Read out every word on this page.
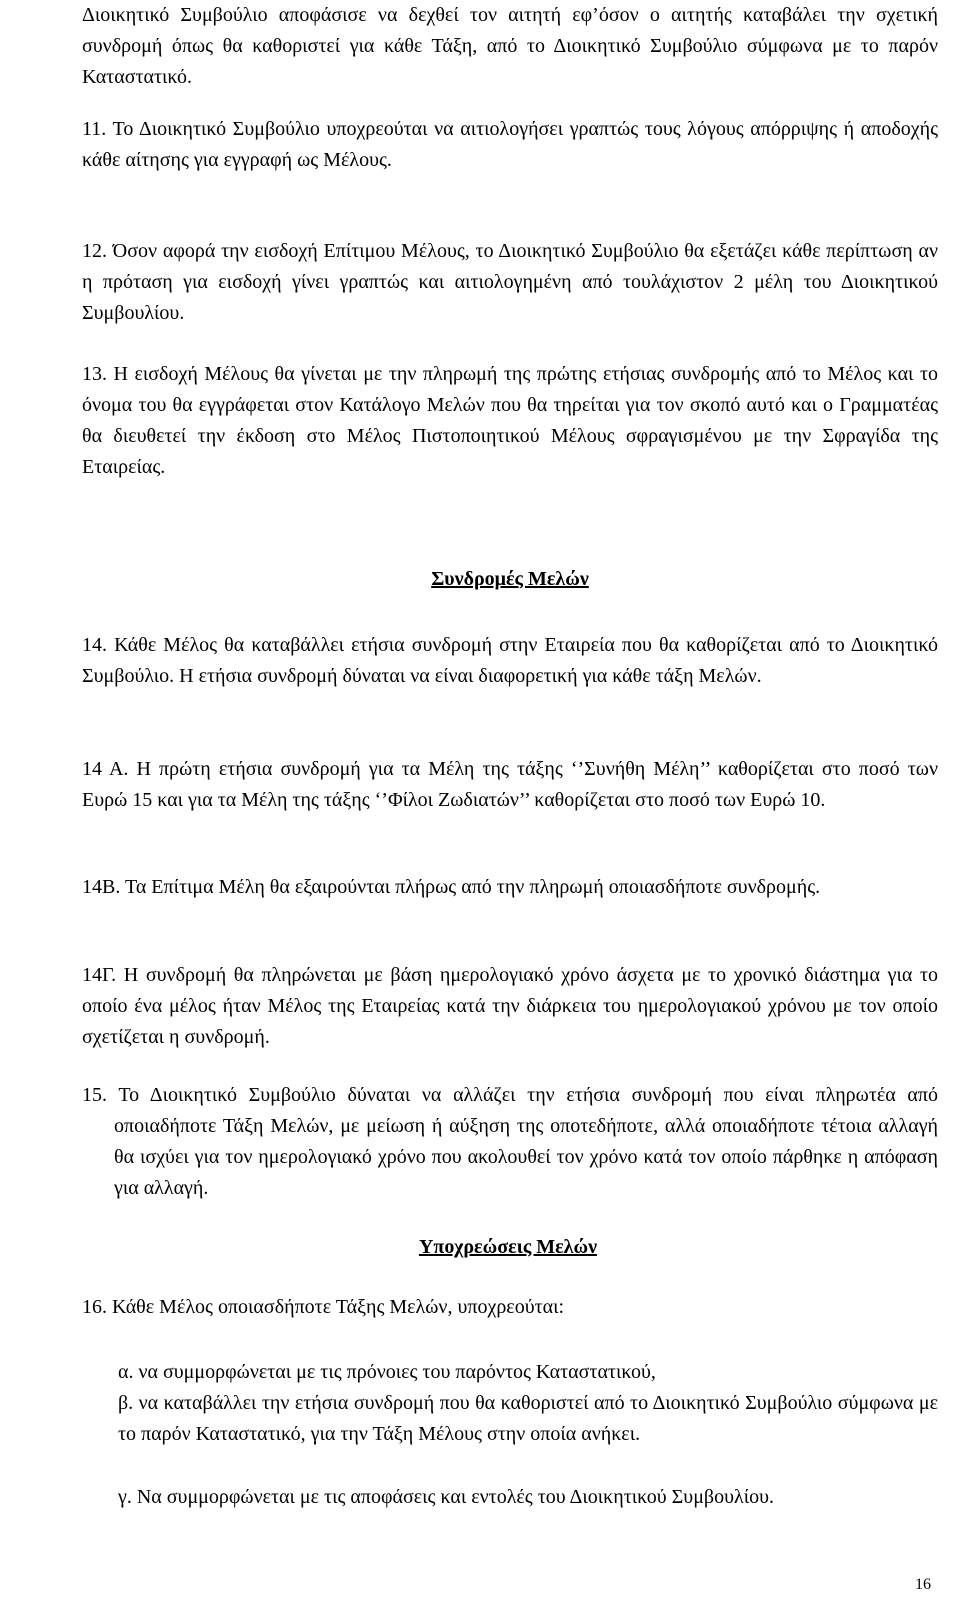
Διοικητικό Συμβούλιο αποφάσισε να δεχθεί τον αιτητή εφ’όσον ο αιτητής καταβάλει την σχετική συνδρομή όπως θα καθοριστεί για κάθε Τάξη, από το Διοικητικό Συμβούλιο σύμφωνα με το παρόν Καταστατικό.

11. Το Διοικητικό Συμβούλιο υποχρεούται να αιτιολογήσει γραπτώς τους λόγους απόρριψης ή αποδοχής κάθε αίτησης για εγγραφή ως Μέλους.

12. Όσον αφορά την εισδοχή Επίτιμου Μέλους, το Διοικητικό Συμβούλιο θα εξετάζει κάθε περίπτωση αν η πρόταση για εισδοχή γίνει γραπτώς και αιτιολογημένη από τουλάχιστον 2 μέλη του Διοικητικού Συμβουλίου.

13. Η εισδοχή Μέλους θα γίνεται με την πληρωμή της πρώτης ετήσιας συνδρομής από το Μέλος και το όνομα του θα εγγράφεται στον Κατάλογο Μελών που θα τηρείται για τον σκοπό αυτό και ο Γραμματέας θα διευθετεί την έκδοση στο Μέλος Πιστοποιητικού Μέλους σφραγισμένου με την Σφραγίδα της Εταιρείας.

Συνδρομές Μελών

14. Κάθε Μέλος θα καταβάλλει ετήσια συνδρομή στην Εταιρεία που θα καθορίζεται από το Διοικητικό Συμβούλιο. Η ετήσια συνδρομή δύναται να είναι διαφορετική για κάθε τάξη Μελών.

14 Α. Η πρώτη ετήσια συνδρομή για τα Μέλη της τάξης ‘’Συνήθη Μέλη’’ καθορίζεται στο ποσό των Ευρώ 15 και για τα Μέλη της τάξης ‘’Φίλοι Ζωδιατών’’ καθορίζεται στο ποσό των Ευρώ 10.

14Β. Τα Επίτιμα Μέλη θα εξαιρούνται πλήρως από την πληρωμή οποιασδήποτε συνδρομής.

14Γ. Η συνδρομή θα πληρώνεται με βάση ημερολογιακό χρόνο άσχετα με το χρονικό διάστημα για το οποίο ένα μέλος ήταν Μέλος της Εταιρείας κατά την διάρκεια του ημερολογιακού χρόνου με τον οποίο σχετίζεται η συνδρομή.

15. Το Διοικητικό Συμβούλιο δύναται να αλλάζει την ετήσια συνδρομή που είναι πληρωτέα από οποιαδήποτε Τάξη Μελών, με μείωση ή αύξηση της οποτεδήποτε, αλλά οποιαδήποτε τέτοια αλλαγή θα ισχύει για τον ημερολογιακό χρόνο που ακολουθεί τον χρόνο κατά τον οποίο πάρθηκε η απόφαση για αλλαγή.

Υποχρεώσεις Μελών

16. Κάθε Μέλος οποιασδήποτε Τάξης Μελών, υποχρεούται:

α. να συμμορφώνεται με τις πρόνοιες του παρόντος Καταστατικού,

β. να καταβάλλει την ετήσια συνδρομή που θα καθοριστεί από το Διοικητικό Συμβούλιο σύμφωνα με το παρόν Καταστατικό, για την Τάξη Μέλους στην οποία ανήκει.

γ. Να συμμορφώνεται με τις αποφάσεις και εντολές του Διοικητικού Συμβουλίου.

16
